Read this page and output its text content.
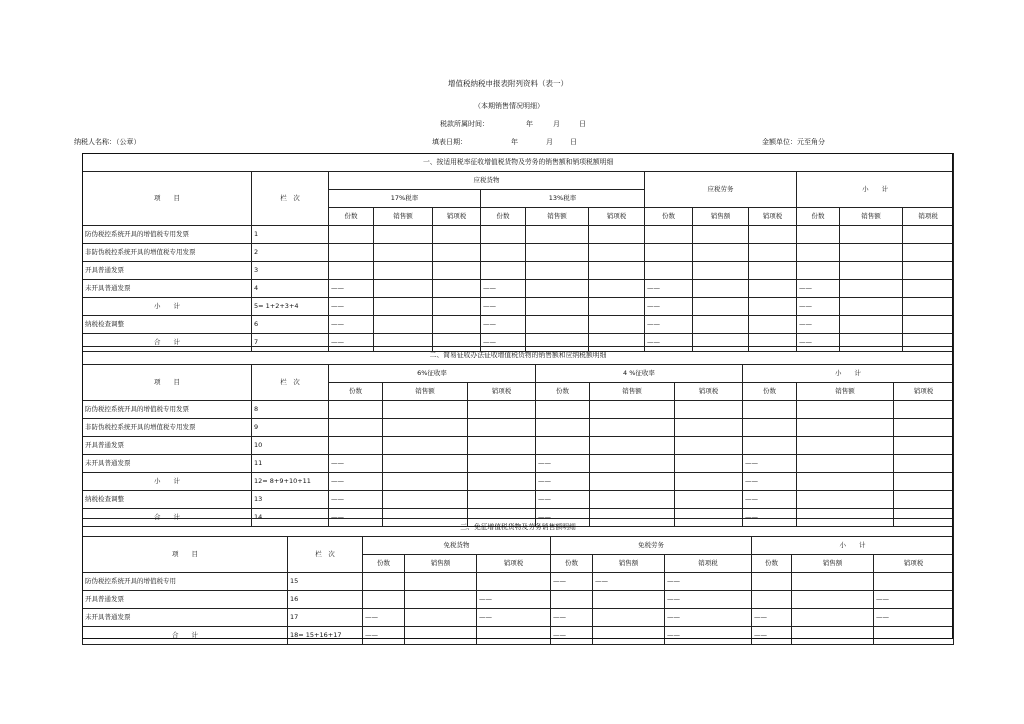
增值税纳税申报表附列资料（表一）
（本期销售情况明细）
税款所属时间：	年	月	日
纳税人名称：（公章）	填表日期：	年	月 日	金额单位：元至角分
一、按适用税率征收增值税货物及劳务的销售额和销项税额明细													
项　　目	栏　次	应税货物						应税劳务			小　　计		
		17%税率			13%税率								
		份数	销售额	销项税	份数	销售额	销项税	份数	销售额	销项税	份数	销售额	销项税
防伪税控系统开具的增值税专用发票	1												
非防伪税控系统开具的增值税专用发票	2												
开具普通发票	3												
未开具普通发票	4	——			——			——			——		
小　　计	5= 1+2+3+4	——			——			——			——		
纳税检查调整	6	——			——			——			——		
合　　计	7	——			——			——			——		
二、简易征收办法征收增值税货物的销售额和应纳税额明细										
项　　目	栏　次	6%征收率			4 %征收率			小　　计		
		份数	销售额	销项税	份数	销售额	销项税	份数	销售额	销项税
防伪税控系统开具的增值税专用发票	8									
非防伪税控系统开具的增值税专用发票	9									
开具普通发票	10									
未开具普通发票	11	——			——			——		
小　　计	12= 8+9+10+11	——			——			——		
纳税检查调整	13	——			——			——		
合　　计	14	——			——			——		
三、免征增值税货物及劳务销售额明细										
项　　目	栏　次	免税货物			免税劳务			小　　计		
		份数	销售额	销项税	份数	销售额	销项税	份数	销售额	销项税
防伪税控系统开具的增值税专用	15				——	——	——			
开具普通发票	16			——			——			——
未开具普通发票	17	——		——	——		——	——		——
合　　计	18= 15+16+17	——			——		——	——		
